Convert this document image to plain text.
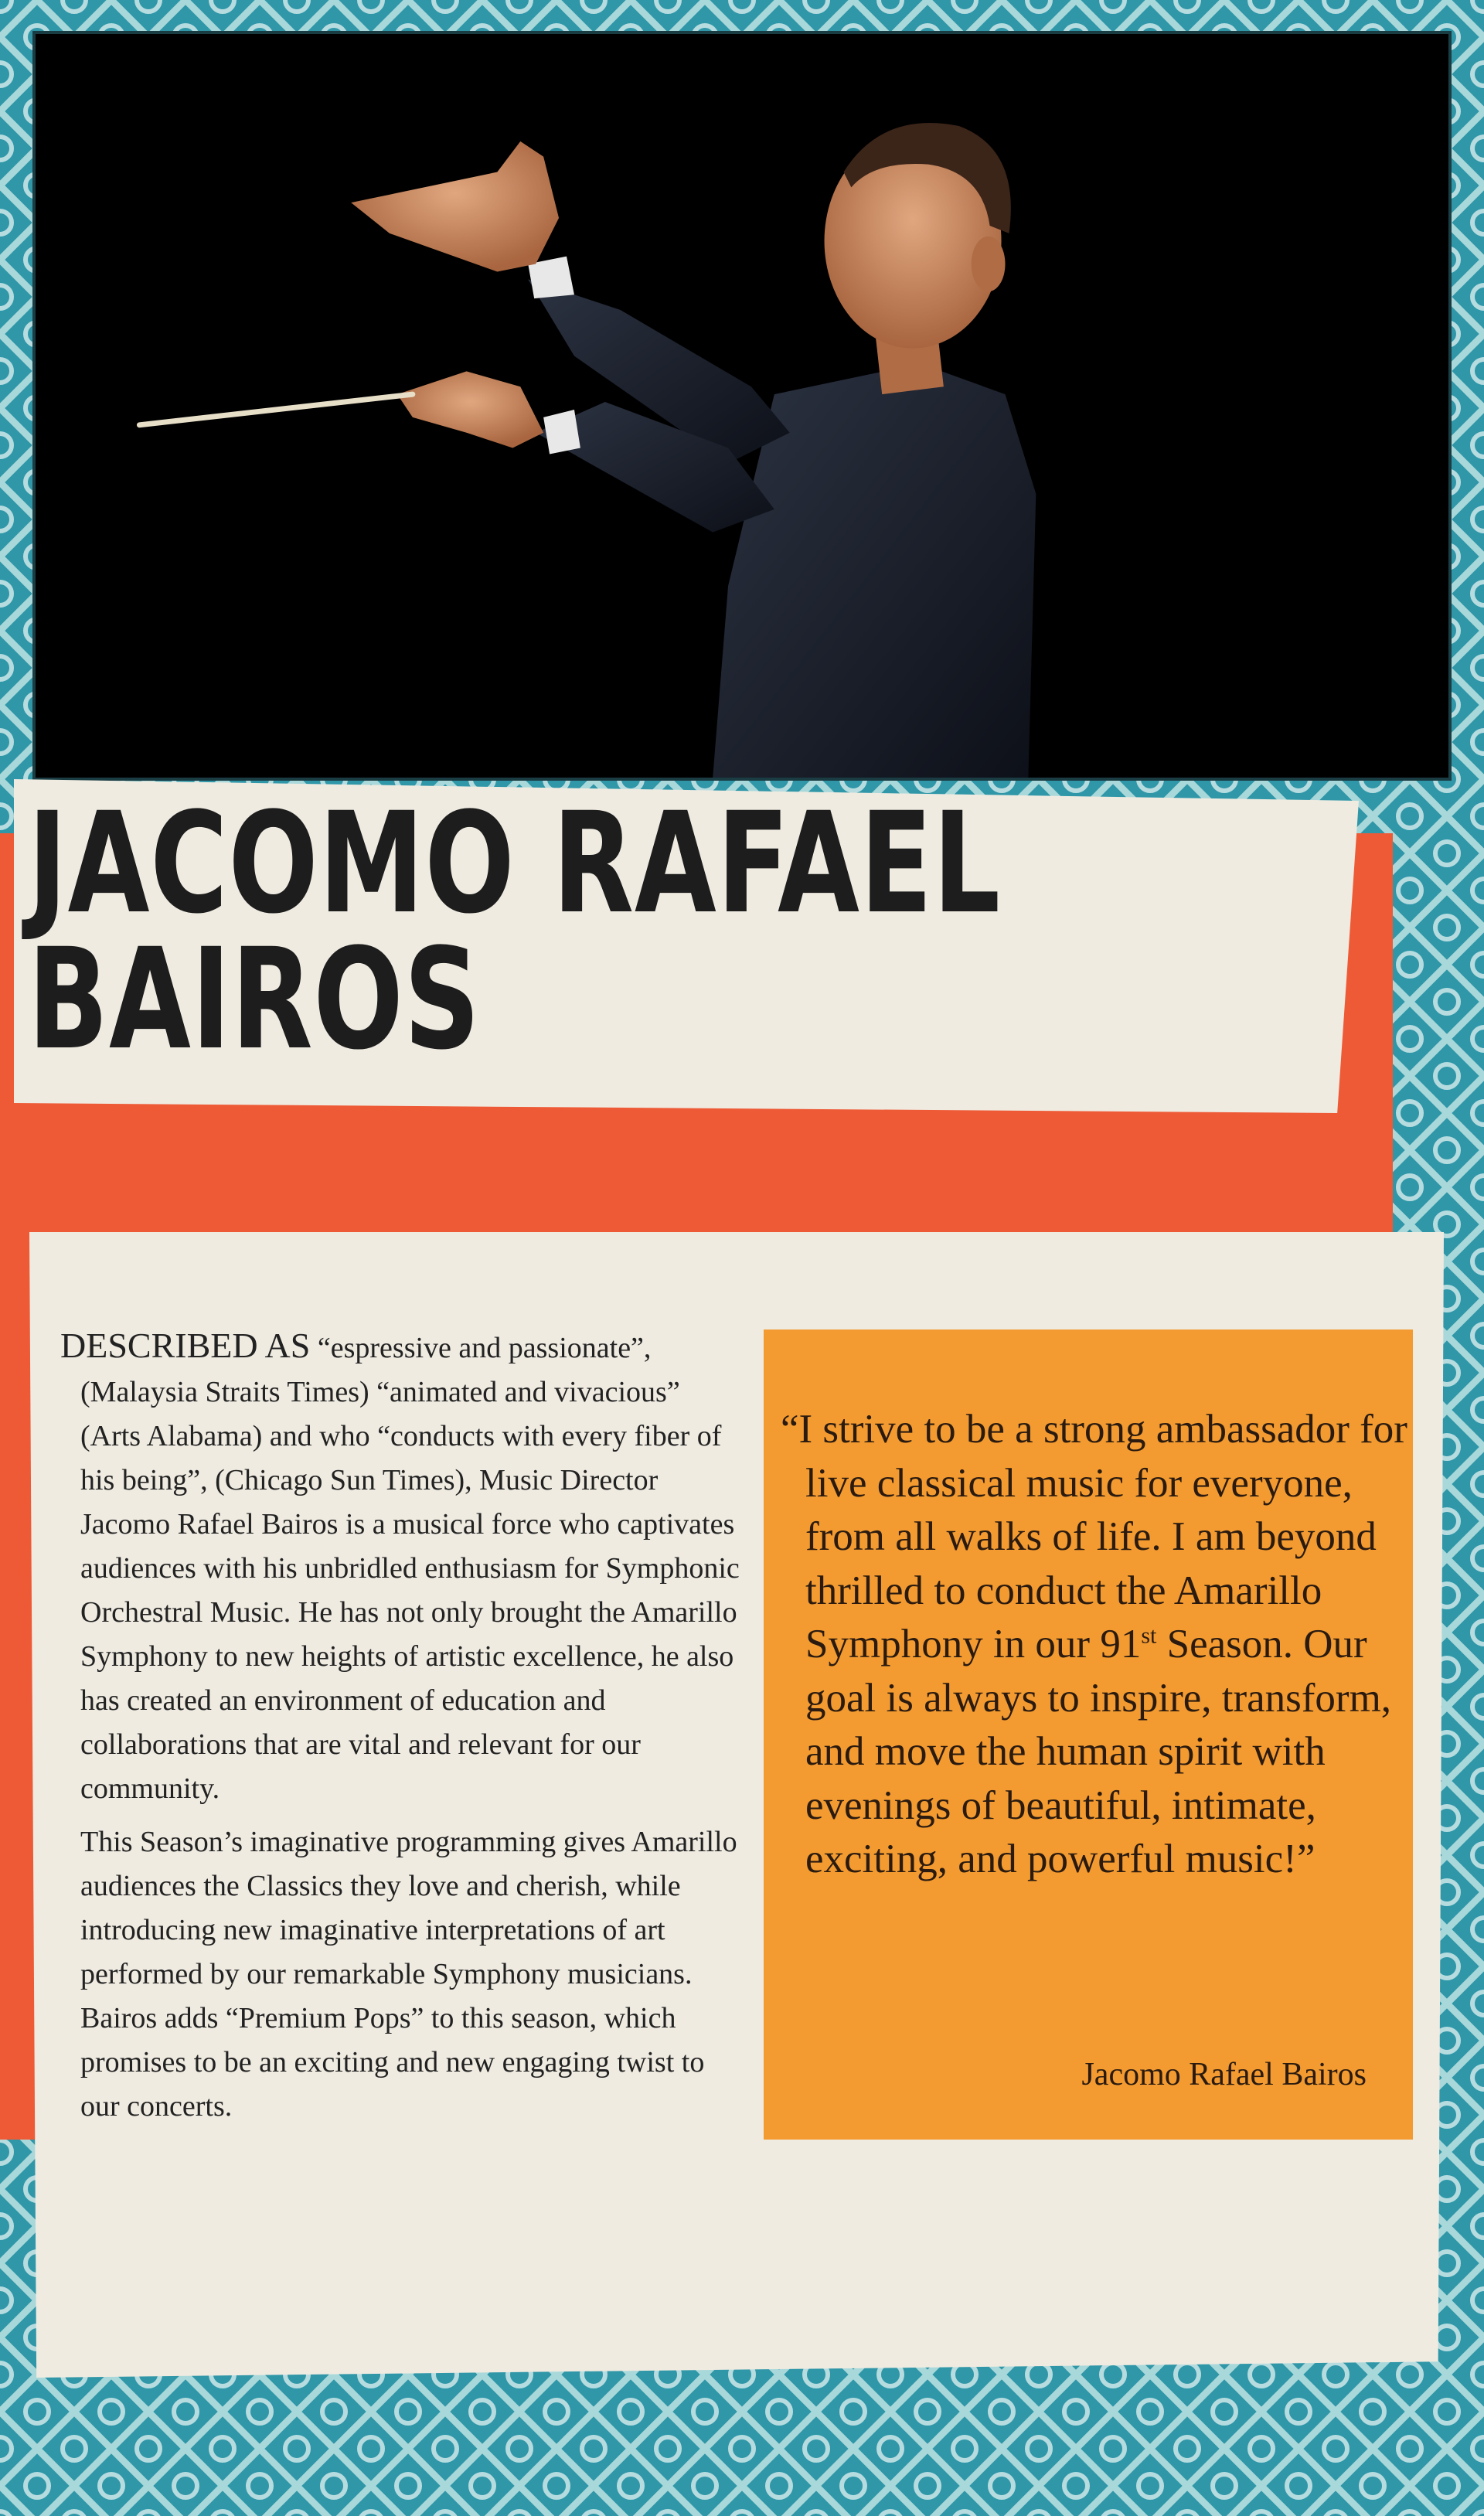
JACOMO RAFAEL
BAIROS

DESCRIBED AS “espressive and passionate”, (Malaysia Straits Times) “animated and vivacious” (Arts Alabama) and who “conducts with every fiber of his being”, (Chicago Sun Times), Music Director Jacomo Rafael Bairos is a musical force who captivates audiences with his unbridled enthusiasm for Symphonic Orchestral Music. He has not only brought the Amarillo Symphony to new heights of artistic excellence, he also has created an environment of education and collaborations that are vital and relevant for our community.

This Season’s imaginative programming gives Amarillo audiences the Classics they love and cherish, while introducing new imaginative interpretations of art performed by our remarkable Symphony musicians. Bairos adds “Premium Pops” to this season, which promises to be an exciting and new engaging twist to our concerts.

“I strive to be a strong ambassador for live classical music for everyone, from all walks of life. I am beyond thrilled to conduct the Amarillo Symphony in our 91st Season. Our goal is always to inspire, transform, and move the human spirit with evenings of beautiful, intimate, exciting, and powerful music!”

Jacomo Rafael Bairos
